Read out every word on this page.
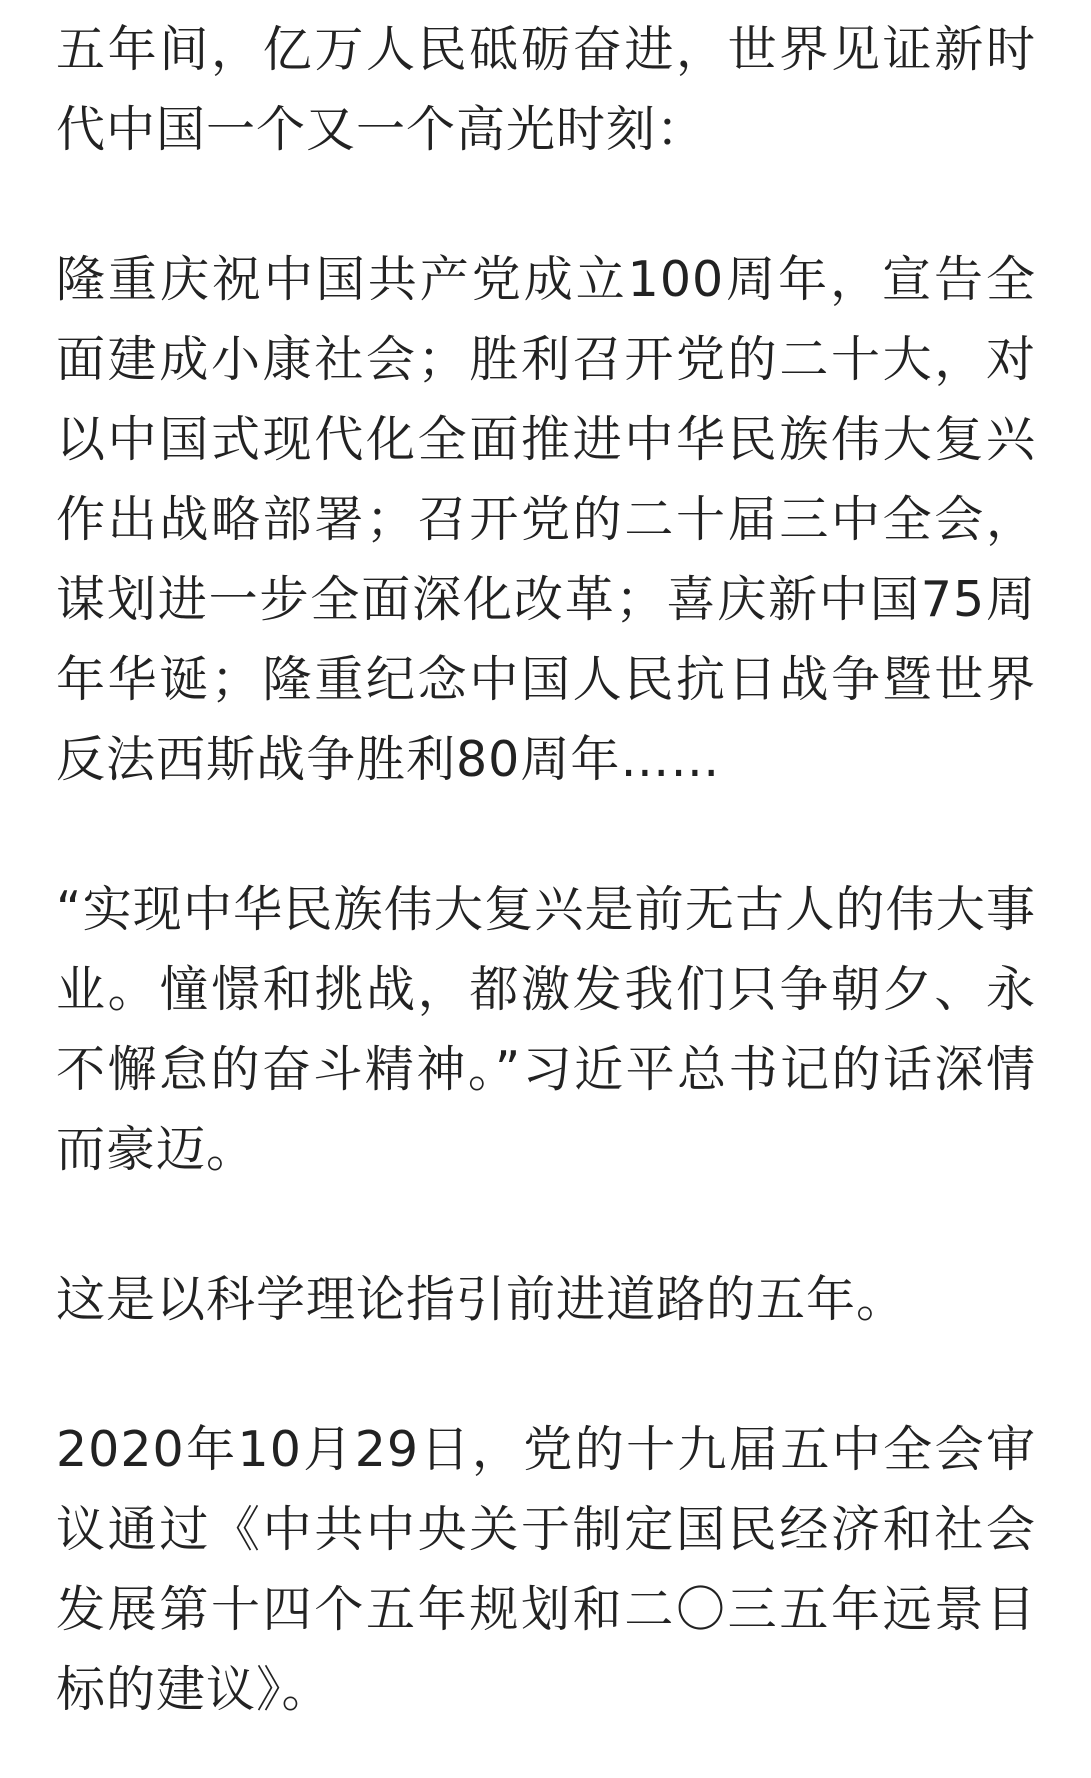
五年间，亿万人民砥砺奋进，世界见证新时代中国一个又一个高光时刻：

隆重庆祝中国共产党成立100周年，宣告全面建成小康社会；胜利召开党的二十大，对以中国式现代化全面推进中华民族伟大复兴作出战略部署；召开党的二十届三中全会，谋划进一步全面深化改革；喜庆新中国75周年华诞；隆重纪念中国人民抗日战争暨世界反法西斯战争胜利80周年……

“实现中华民族伟大复兴是前无古人的伟大事业。憧憬和挑战，都激发我们只争朝夕、永不懈怠的奋斗精神。”习近平总书记的话深情而豪迈。

这是以科学理论指引前进道路的五年。

2020年10月29日，党的十九届五中全会审议通过《中共中央关于制定国民经济和社会发展第十四个五年规划和二〇三五年远景目标的建议》。
